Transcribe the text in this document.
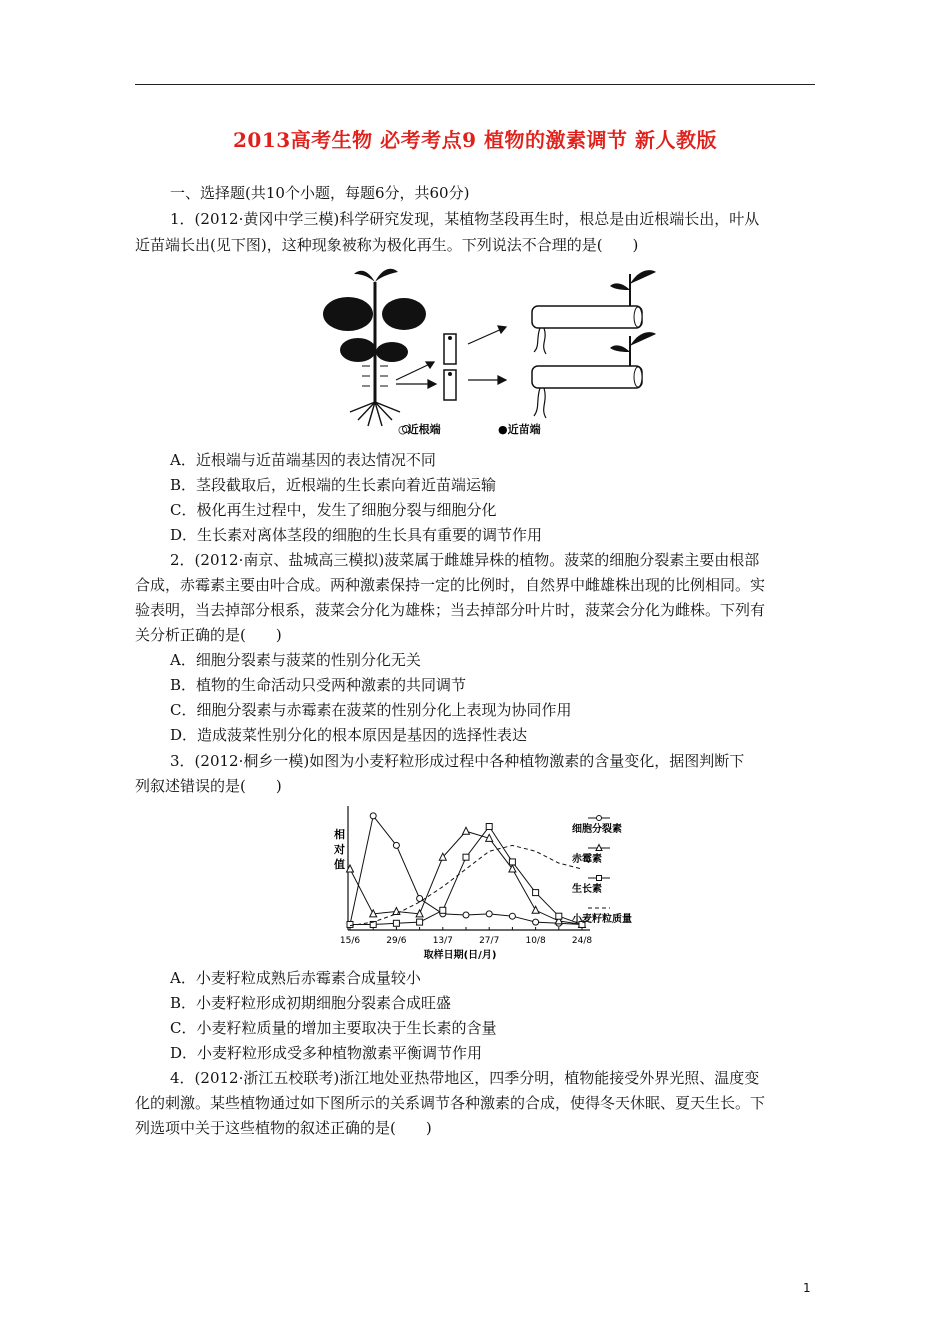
2013高考生物 必考考点9 植物的激素调节 新人教版
一、选择题(共10个小题，每题6分，共60分)
1．(2012·黄冈中学三模)科学研究发现，某植物茎段再生时，根总是由近根端长出，叶从
近苗端长出(见下图)，这种现象被称为极化再生。下列说法不合理的是(　　)
○近根端	●近苗端
A．近根端与近苗端基因的表达情况不同
B．茎段截取后，近根端的生长素向着近苗端运输
C．极化再生过程中，发生了细胞分裂与细胞分化
D．生长素对离体茎段的细胞的生长具有重要的调节作用
2．(2012·南京、盐城高三模拟)菠菜属于雌雄异株的植物。菠菜的细胞分裂素主要由根部
合成，赤霉素主要由叶合成。两种激素保持一定的比例时，自然界中雌雄株出现的比例相同。实
验表明，当去掉部分根系，菠菜会分化为雄株；当去掉部分叶片时，菠菜会分化为雌株。下列有
关分析正确的是(　　)
A．细胞分裂素与菠菜的性别分化无关
B．植物的生命活动只受两种激素的共同调节
C．细胞分裂素与赤霉素在菠菜的性别分化上表现为协同作用
D．造成菠菜性别分化的根本原因是基因的选择性表达
3．(2012·桐乡一模)如图为小麦籽粒形成过程中各种植物激素的含量变化，据图判断下
列叙述错误的是(　　)
相
对
值
15/6	29/6	13/7	27/7	10/8	24/8
取样日期(日/月)
细胞分裂素
赤霉素
生长素
小麦籽粒质量
A．小麦籽粒成熟后赤霉素合成量较小
B．小麦籽粒形成初期细胞分裂素合成旺盛
C．小麦籽粒质量的增加主要取决于生长素的含量
D．小麦籽粒形成受多种植物激素平衡调节作用
4．(2012·浙江五校联考)浙江地处亚热带地区，四季分明，植物能接受外界光照、温度变
化的刺激。某些植物通过如下图所示的关系调节各种激素的合成，使得冬天休眠、夏天生长。下
列选项中关于这些植物的叙述正确的是(　　)
1
